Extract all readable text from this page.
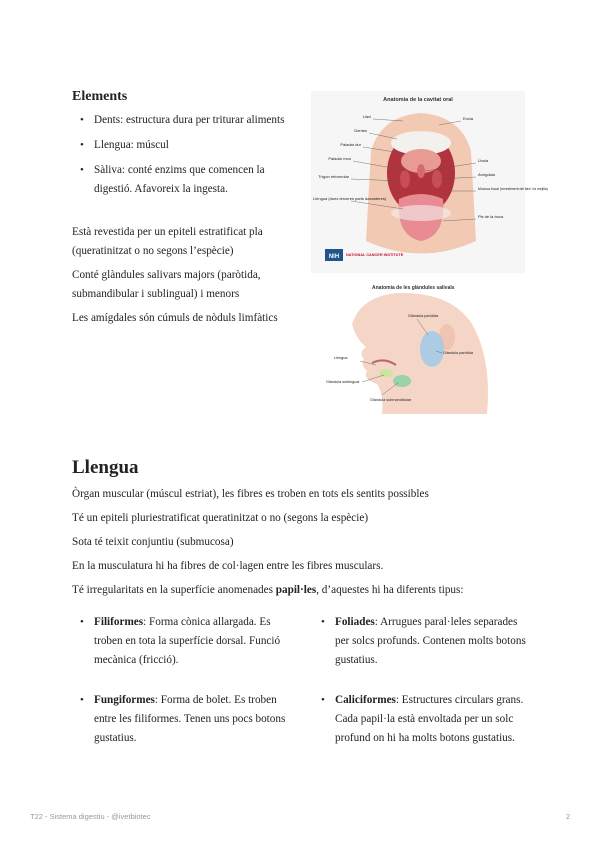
Elements
• Dents: estructura dura per triturar aliments
• Llengua: múscul
• Sàliva: conté enzims que comencen la digestió. Afavoreix la ingesta.
Està revestida per un epiteli estratificat pla (queratinitzat o no segons l’espècie)
Conté glàndules salivars majors (paròtida, submandibular i sublingual) i menors
Les amígdales són cúmuls de nòduls limfàtics
Anatomia de la cavitat oral
Llavi
Dentes
Paladar dur
Paladar mou
Trígon retromolar
Llengua (dues terceres parts davanteres)
Encia
Úvula
Amígdala
Mucosa bucal (revestiment del llavi i la mejilla)
Pis de la boca
NIH NATIONAL CANCER INSTITUTE
Anatomia de les glàndules salivals
Glàndula paròtida
Llengua
Glàndula sublingual
Glàndula submandibular
Glàndula paròtida
Llengua
Òrgan muscular (múscul estriat), les fibres es troben en tots els sentits possibles
Té un epiteli pluriestratificat queratinitzat o no (segons la espècie)
Sota té teixit conjuntiu (submucosa)
En la musculatura hi ha fibres de col·lagen entre les fibres musculars.
Té irregularitats en la superfície anomenades papil·les, d’aquestes hi ha diferents tipus:
• Filiformes: Forma cònica allargada. Es troben en tota la superfície dorsal. Funció mecànica (fricció).
• Fungiformes: Forma de bolet. Es troben entre les filiformes. Tenen uns pocs botons gustatius.
• Foliades: Arrugues paral·leles separades per solcs profunds. Contenen molts botons gustatius.
• Caliciformes: Estructures circulars grans. Cada papil·la està envoltada per un solc profund on hi ha molts botons gustatius.
T22 - Sistema digestiu - @ivetbiotec	2
